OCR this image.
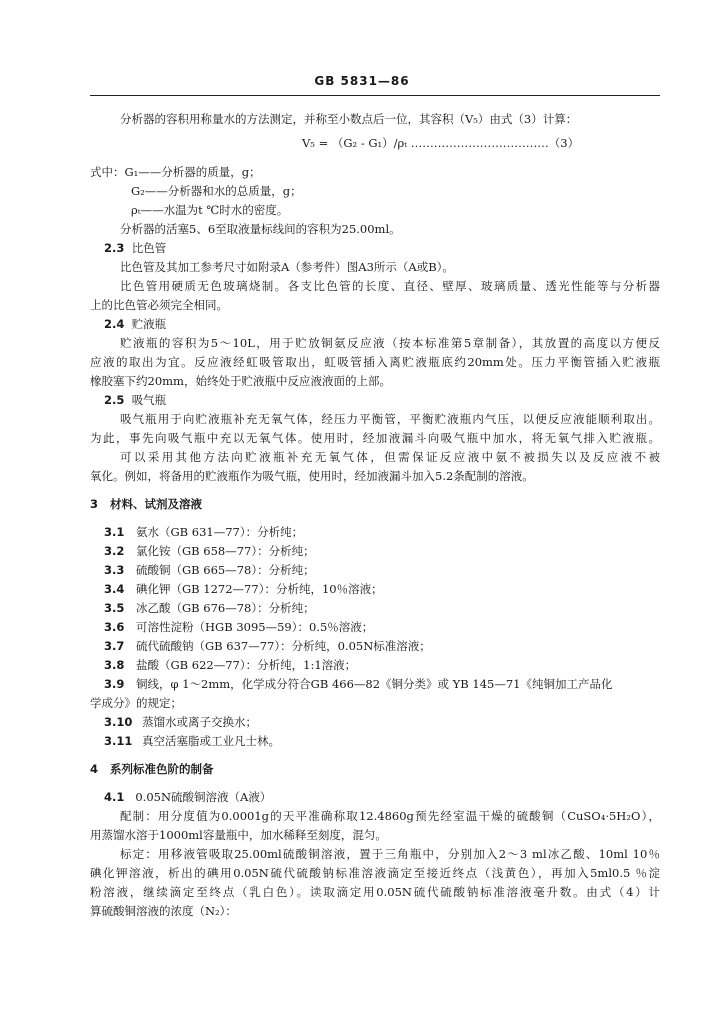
GB 5831—86
分析器的容积用称量水的方法测定，并称至小数点后一位，其容积（V₅）由式（3）计算：
V₅ = （G₂ - G₁）/ρₜ ………………………………（3）
式中：G₁——分析器的质量，g；
G₂——分析器和水的总质量，g；
ρₜ——水温为t ℃时水的密度。
分析器的活塞5、6至取液量标线间的容积为25.00ml。
2.3 比色管
比色管及其加工参考尺寸如附录A（参考件）图A3所示（A或B）。
比色管用硬质无色玻璃烧制。各支比色管的长度、直径、壁厚、玻璃质量、透光性能等与分析器
上的比色管必须完全相同。
2.4 贮液瓶
贮液瓶的容积为5～10L，用于贮放铜氨反应液（按本标准第5章制备），其放置的高度以方便反
应液的取出为宜。反应液经虹吸管取出，虹吸管插入离贮液瓶底约20mm处。压力平衡管插入贮液瓶
橡胶塞下约20mm，始终处于贮液瓶中反应液液面的上部。
2.5 吸气瓶
吸气瓶用于向贮液瓶补充无氧气体，经压力平衡管，平衡贮液瓶内气压，以便反应液能顺利取出。
为此，事先向吸气瓶中充以无氧气体。使用时，经加液漏斗向吸气瓶中加水，将无氧气排入贮液瓶。
可以采用其他方法向贮液瓶补充无氧气体，但需保证反应液中氨不被损失以及反应液不被
氧化。例如，将备用的贮液瓶作为吸气瓶，使用时，经加液漏斗加入5.2条配制的溶液。
3 材料、试剂及溶液
3.1 氨水（GB 631—77）：分析纯；
3.2 氯化铵（GB 658—77）：分析纯；
3.3 硫酸铜（GB 665—78）：分析纯；
3.4 碘化钾（GB 1272—77）：分析纯，10％溶液；
3.5 冰乙酸（GB 676—78）：分析纯；
3.6 可溶性淀粉（HGB 3095—59）：0.5％溶液；
3.7 硫代硫酸钠（GB 637—77）：分析纯，0.05N标准溶液；
3.8 盐酸（GB 622—77）：分析纯，1:1溶液；
3.9 铜线，φ 1～2mm，化学成分符合GB 466—82《铜分类》或 YB 145—71《纯铜加工产品化
学成分》的规定；
3.10 蒸馏水或离子交换水；
3.11 真空活塞脂或工业凡士林。
4 系列标准色阶的制备
4.1 0.05N硫酸铜溶液（A液）
配制：用分度值为0.0001g的天平准确称取12.4860g预先经室温干燥的硫酸铜（CuSO₄·5H₂O），
用蒸馏水溶于1000ml容量瓶中，加水稀释至刻度，混匀。
标定：用移液管吸取25.00ml硫酸铜溶液，置于三角瓶中，分别加入2～3 ml冰乙酸、10ml 10％
碘化钾溶液，析出的碘用0.05N硫代硫酸钠标准溶液滴定至接近终点（浅黄色），再加入5ml0.5 ％淀
粉溶液，继续滴定至终点（乳白色）。读取滴定用0.05N硫代硫酸钠标准溶液毫升数。由式（4）计
算硫酸铜溶液的浓度（N₂）：
